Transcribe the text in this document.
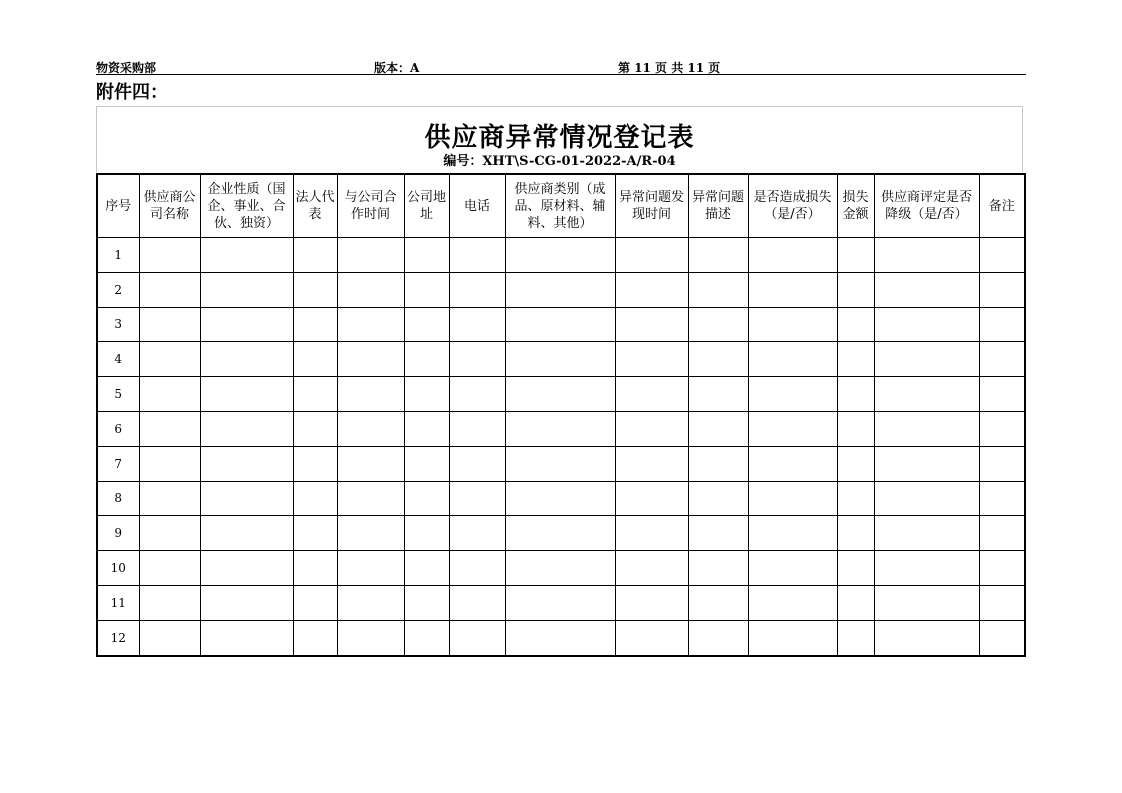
物资采购部	版本：A	第 11 页 共 11 页
附件四：
供应商异常情况登记表
编号：XHT\S-CG-01-2022-A/R-04
序号	供应商公司名称	企业性质（国企、事业、合伙、独资）	法人代表	与公司合作时间	公司地址	电话	供应商类别（成品、原材料、辅料、其他）	异常问题发现时间	异常问题描述	是否造成损失（是/否）	损失金额	供应商评定是否降级（是/否）	备注
1													
2													
3													
4													
5													
6													
7													
8													
9													
10													
11													
12													
